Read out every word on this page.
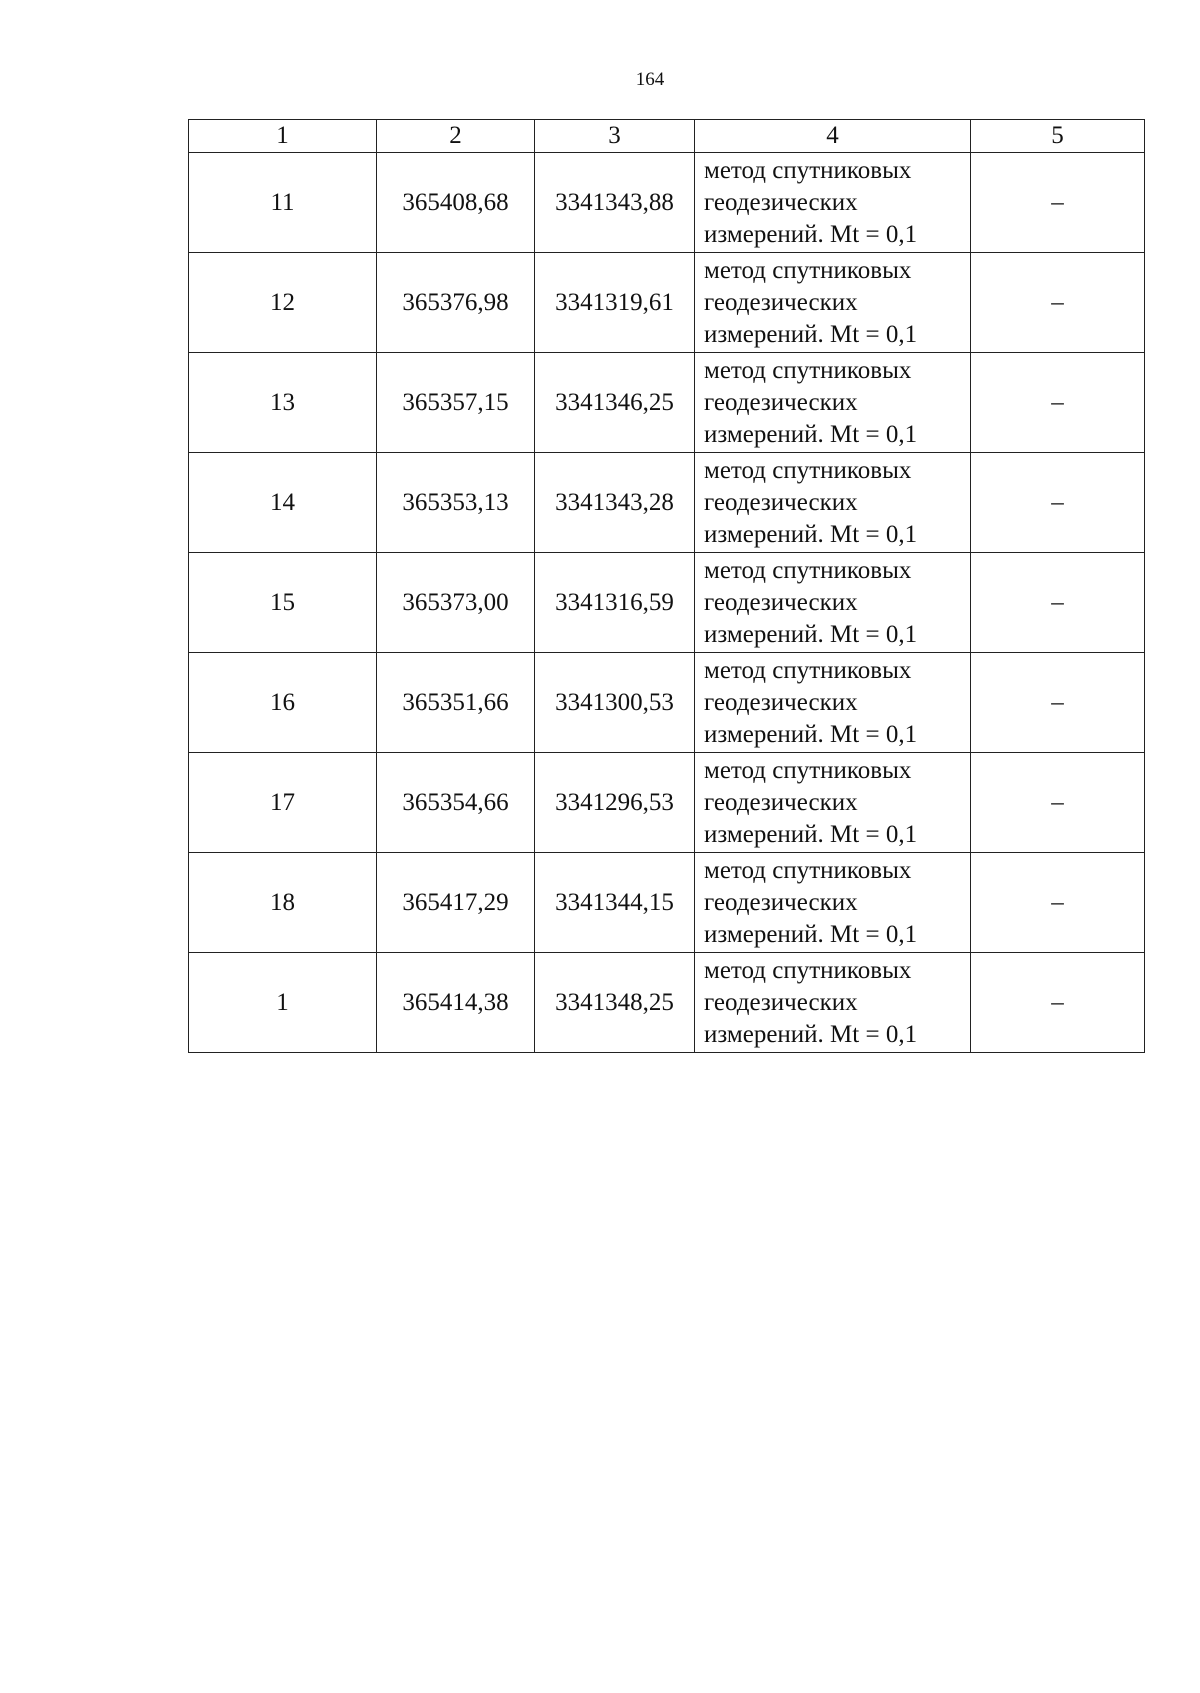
164
1	2	3	4	5
11	365408,68	3341343,88	метод спутниковых
геодезических
измерений. Mt = 0,1	–
12	365376,98	3341319,61	метод спутниковых
геодезических
измерений. Mt = 0,1	–
13	365357,15	3341346,25	метод спутниковых
геодезических
измерений. Mt = 0,1	–
14	365353,13	3341343,28	метод спутниковых
геодезических
измерений. Mt = 0,1	–
15	365373,00	3341316,59	метод спутниковых
геодезических
измерений. Mt = 0,1	–
16	365351,66	3341300,53	метод спутниковых
геодезических
измерений. Mt = 0,1	–
17	365354,66	3341296,53	метод спутниковых
геодезических
измерений. Mt = 0,1	–
18	365417,29	3341344,15	метод спутниковых
геодезических
измерений. Mt = 0,1	–
1	365414,38	3341348,25	метод спутниковых
геодезических
измерений. Mt = 0,1	–
